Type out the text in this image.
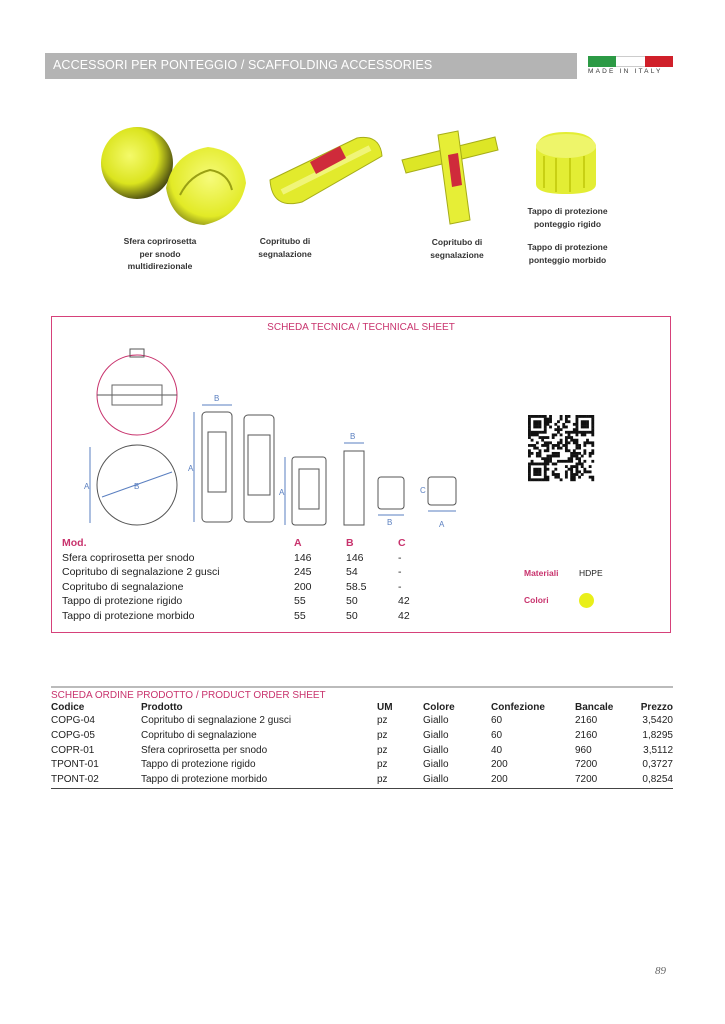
ACCESSORI PER PONTEGGIO / SCAFFOLDING ACCESSORIES	MADE IN ITALY
Sfera coprirosetta
per snodo
multidirezionale
Copritubo di
segnalazione
Copritubo di
segnalazione
Tappo di protezione
ponteggio rigido
Tappo di protezione
ponteggio morbido
SCHEDA TECNICA / TECHNICAL SHEET
A	B
A
B
A
B
B
C
A
Mod.	A	B	C
Sfera coprirosetta per snodo	146	146	-
Copritubo di segnalazione 2 gusci	245	54	-
Copritubo di segnalazione	200	58.5	-
Tappo di protezione rigido	55	50	42
Tappo di protezione morbido	55	50	42
Materiali HDPE
Colori
SCHEDA ORDINE PRODOTTO / PRODUCT ORDER SHEET
Codice	Prodotto	UM	Colore	Confezione	Bancale	Prezzo
COPG-04	Copritubo di segnalazione 2 gusci	pz	Giallo	60	2160	3,5420
COPG-05	Copritubo di segnalazione	pz	Giallo	60	2160	1,8295
COPR-01	Sfera coprirosetta per snodo	pz	Giallo	40	960	3,5112
TPONT-01	Tappo di protezione rigido	pz	Giallo	200	7200	0,3727
TPONT-02	Tappo di protezione morbido	pz	Giallo	200	7200	0,8254
89
